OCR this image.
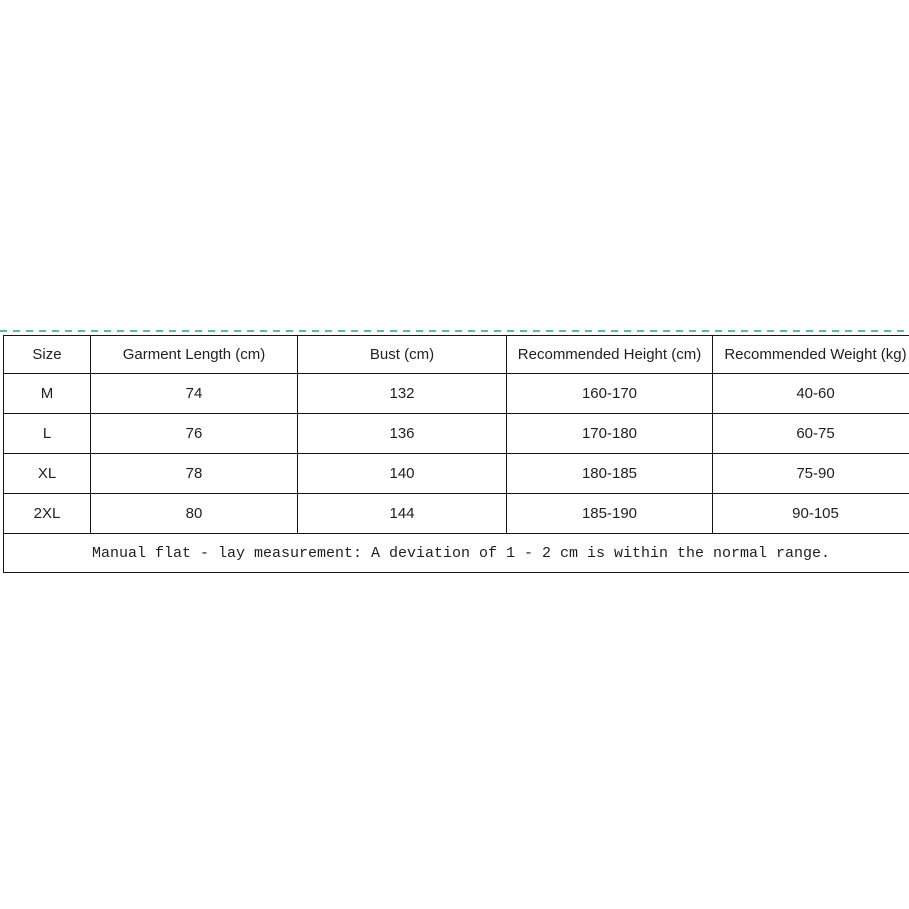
Size	Garment Length (cm)	Bust (cm)	Recommended Height (cm)	Recommended Weight (kg)
M	74	132	160-170	40-60
L	76	136	170-180	60-75
XL	78	140	180-185	75-90
2XL	80	144	185-190	90-105
Manual flat - lay measurement: A deviation of 1 - 2 cm is within the normal range.				
